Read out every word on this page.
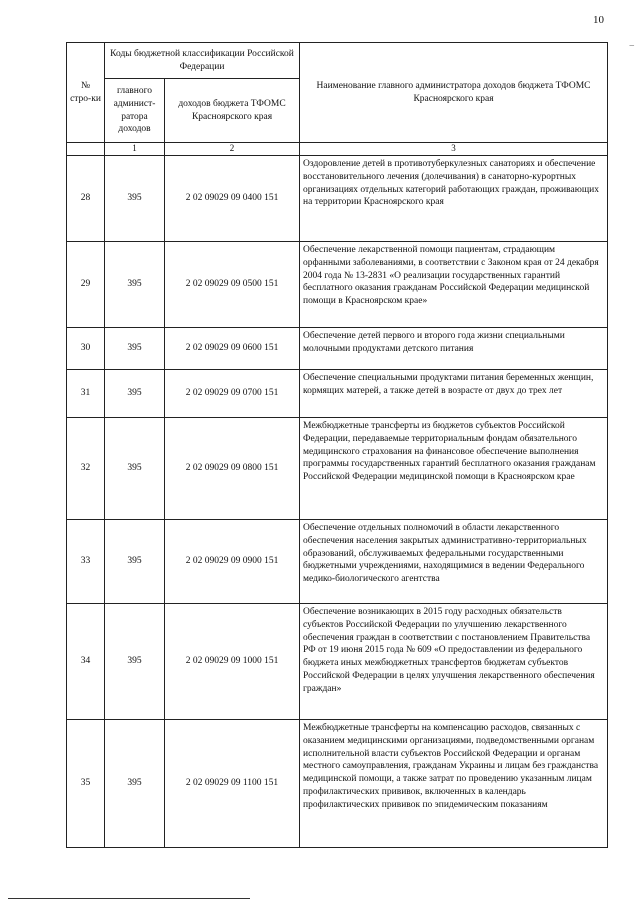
10
–
№ стро-ки	Коды бюджетной классификации Российской Федерации		Наименование главного администратора доходов бюджета ТФОМС Красноярского края
	главного админист-ратора доходов	доходов бюджета ТФОМС Красноярского края	
	1	2	3
28	395	2 02 09029 09 0400 151	Оздоровление детей в противотуберкулезных санаториях и обеспечение восстановительного лечения (долечивания) в санаторно-курортных организациях отдельных категорий работающих граждан, проживающих на территории Красноярского края
29	395	2 02 09029 09 0500 151	Обеспечение лекарственной помощи пациентам, страдающим орфанными заболеваниями, в соответствии с Законом края от 24 декабря 2004 года № 13-2831 «О реализации государственных гарантий бесплатного оказания гражданам Российской Федерации медицинской помощи в Красноярском крае»
30	395	2 02 09029 09 0600 151	Обеспечение детей первого и второго года жизни специальными молочными продуктами детского питания
31	395	2 02 09029 09 0700 151	Обеспечение специальными продуктами питания беременных женщин, кормящих матерей, а также детей в возрасте от двух до трех лет
32	395	2 02 09029 09 0800 151	Межбюджетные трансферты из бюджетов субъектов Российской Федерации, передаваемые территориальным фондам обязательного медицинского страхования на финансовое обеспечение выполнения программы государственных гарантий бесплатного оказания гражданам Российской Федерации медицинской помощи в Красноярском крае
33	395	2 02 09029 09 0900 151	Обеспечение отдельных полномочий в области лекарственного обеспечения населения закрытых административно-территориальных образований, обслуживаемых федеральными государственными бюджетными учреждениями, находящимися в ведении Федерального медико-биологического агентства
34	395	2 02 09029 09 1000 151	Обеспечение возникающих в 2015 году расходных обязательств субъектов Российской Федерации по улучшению лекарственного обеспечения граждан в соответствии с постановлением Правительства РФ от 19 июня 2015 года № 609 «О предоставлении из федерального бюджета иных межбюджетных трансфертов бюджетам субъектов Российской Федерации в целях улучшения лекарственного обеспечения граждан»
35	395	2 02 09029 09 1100 151	Межбюджетные трансферты на компенсацию расходов, связанных с оказанием медицинскими организациями, подведомственными органам исполнительной власти субъектов Российской Федерации и органам местного самоуправления, гражданам Украины и лицам без гражданства медицинской помощи, а также затрат по проведению указанным лицам профилактических прививок, включенных в календарь профилактических прививок по эпидемическим показаниям
